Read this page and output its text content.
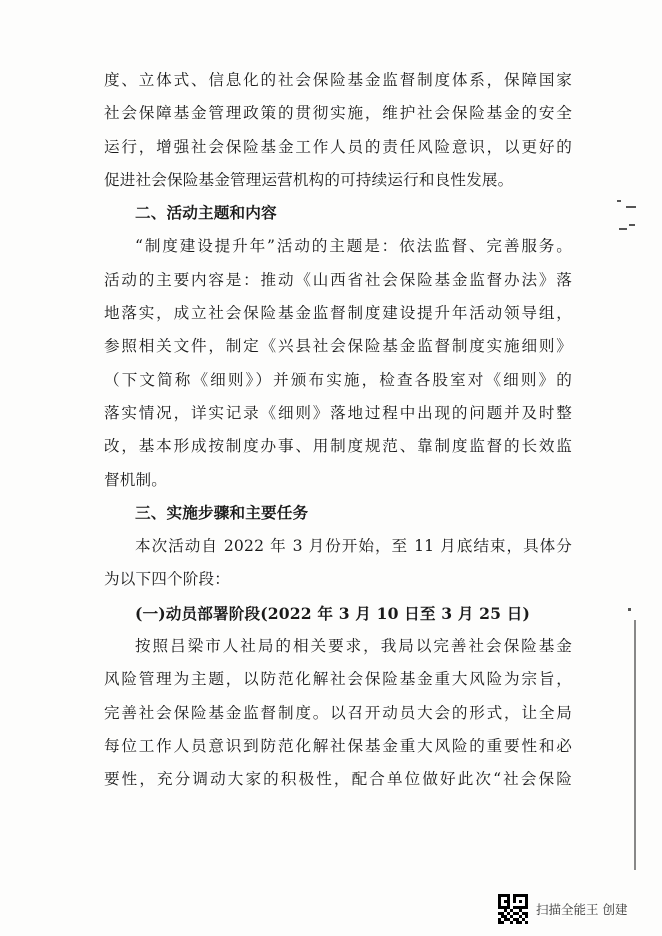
度、立体式、信息化的社会保险基金监督制度体系，保障国家
社会保障基金管理政策的贯彻实施，维护社会保险基金的安全
运行，增强社会保险基金工作人员的责任风险意识，以更好的
促进社会保险基金管理运营机构的可持续运行和良性发展。
二、活动主题和内容
“制度建设提升年”活动的主题是：依法监督、完善服务。
活动的主要内容是：推动《山西省社会保险基金监督办法》落
地落实，成立社会保险基金监督制度建设提升年活动领导组，
参照相关文件，制定《兴县社会保险基金监督制度实施细则》
（下文简称《细则》）并颁布实施，检查各股室对《细则》的
落实情况，详实记录《细则》落地过程中出现的问题并及时整
改，基本形成按制度办事、用制度规范、靠制度监督的长效监
督机制。
三、实施步骤和主要任务
本次活动自 2022 年 3 月份开始，至 11 月底结束，具体分
为以下四个阶段：
(一)动员部署阶段(2022 年 3 月 10 日至 3 月 25 日)
按照吕梁市人社局的相关要求，我局以完善社会保险基金
风险管理为主题，以防范化解社会保险基金重大风险为宗旨，
完善社会保险基金监督制度。以召开动员大会的形式，让全局
每位工作人员意识到防范化解社保基金重大风险的重要性和必
要性，充分调动大家的积极性，配合单位做好此次“社会保险
扫描全能王 创建
